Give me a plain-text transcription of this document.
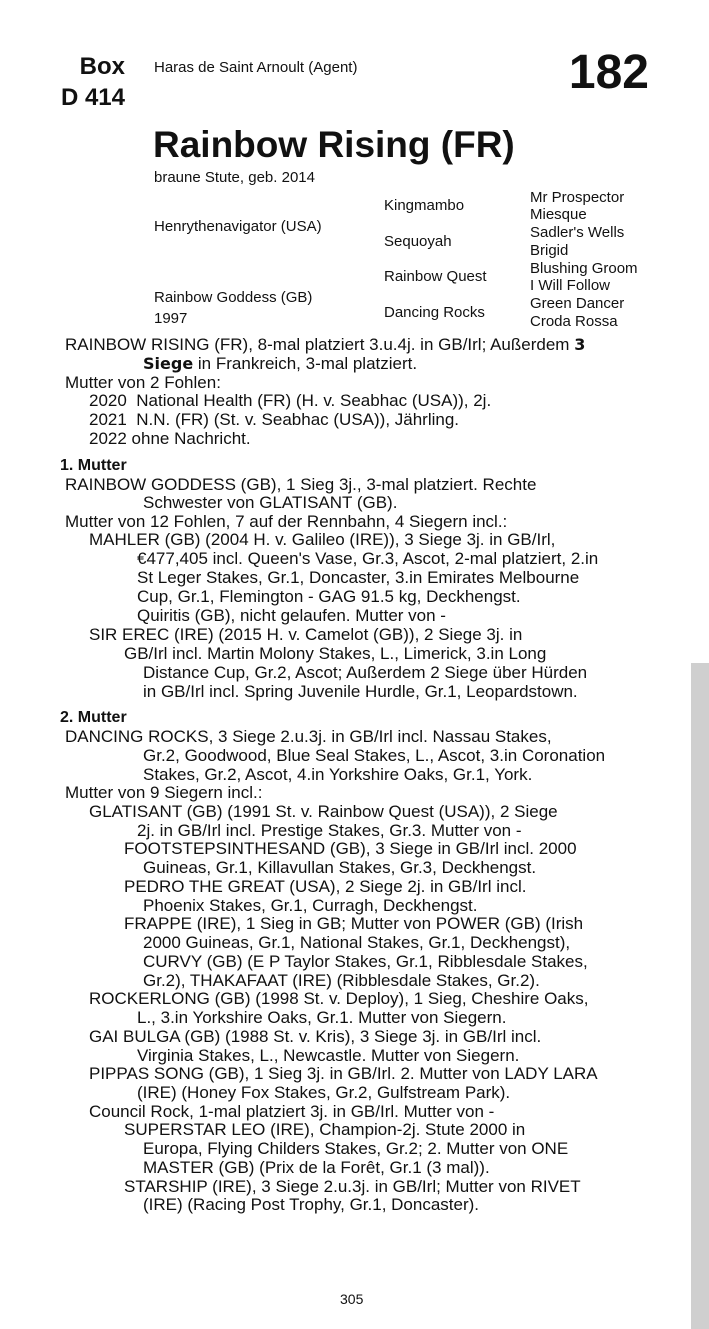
Box
D 414
Haras de Saint Arnoult (Agent)	182
Rainbow Rising (FR)
braune Stute, geb. 2014
Henrythenavigator (USA)
Rainbow Goddess (GB)
1997
Kingmambo
Sequoyah
Rainbow Quest
Dancing Rocks
Mr Prospector
Miesque
Sadler's Wells
Brigid
Blushing Groom
I Will Follow
Green Dancer
Croda Rossa
RAINBOW RISING (FR), 8-mal platziert 3.u.4j. in GB/Irl; Außerdem 3
Siege in Frankreich, 3-mal platziert.
Mutter von 2 Fohlen:
2020  National Health (FR) (H. v. Seabhac (USA)), 2j.
2021  N.N. (FR) (St. v. Seabhac (USA)), Jährling.
2022 ohne Nachricht.
1. Mutter
RAINBOW GODDESS (GB), 1 Sieg 3j., 3-mal platziert. Rechte
Schwester von GLATISANT (GB).
Mutter von 12 Fohlen, 7 auf der Rennbahn, 4 Siegern incl.:
MAHLER (GB) (2004 H. v. Galileo (IRE)), 3 Siege 3j. in GB/Irl,
€477,405 incl. Queen's Vase, Gr.3, Ascot, 2-mal platziert, 2.in
St Leger Stakes, Gr.1, Doncaster, 3.in Emirates Melbourne
Cup, Gr.1, Flemington - GAG 91.5 kg, Deckhengst.
Quiritis (GB), nicht gelaufen. Mutter von -
SIR EREC (IRE) (2015 H. v. Camelot (GB)), 2 Siege 3j. in
GB/Irl incl. Martin Molony Stakes, L., Limerick, 3.in Long
Distance Cup, Gr.2, Ascot; Außerdem 2 Siege über Hürden
in GB/Irl incl. Spring Juvenile Hurdle, Gr.1, Leopardstown.
2. Mutter
DANCING ROCKS, 3 Siege 2.u.3j. in GB/Irl incl. Nassau Stakes,
Gr.2, Goodwood, Blue Seal Stakes, L., Ascot, 3.in Coronation
Stakes, Gr.2, Ascot, 4.in Yorkshire Oaks, Gr.1, York.
Mutter von 9 Siegern incl.:
GLATISANT (GB) (1991 St. v. Rainbow Quest (USA)), 2 Siege
2j. in GB/Irl incl. Prestige Stakes, Gr.3. Mutter von -
FOOTSTEPSINTHESAND (GB), 3 Siege in GB/Irl incl. 2000
Guineas, Gr.1, Killavullan Stakes, Gr.3, Deckhengst.
PEDRO THE GREAT (USA), 2 Siege 2j. in GB/Irl incl.
Phoenix Stakes, Gr.1, Curragh, Deckhengst.
FRAPPE (IRE), 1 Sieg in GB; Mutter von POWER (GB) (Irish
2000 Guineas, Gr.1, National Stakes, Gr.1, Deckhengst),
CURVY (GB) (E P Taylor Stakes, Gr.1, Ribblesdale Stakes,
Gr.2), THAKAFAAT (IRE) (Ribblesdale Stakes, Gr.2).
ROCKERLONG (GB) (1998 St. v. Deploy), 1 Sieg, Cheshire Oaks,
L., 3.in Yorkshire Oaks, Gr.1. Mutter von Siegern.
GAI BULGA (GB) (1988 St. v. Kris), 3 Siege 3j. in GB/Irl incl.
Virginia Stakes, L., Newcastle. Mutter von Siegern.
PIPPAS SONG (GB), 1 Sieg 3j. in GB/Irl. 2. Mutter von LADY LARA
(IRE) (Honey Fox Stakes, Gr.2, Gulfstream Park).
Council Rock, 1-mal platziert 3j. in GB/Irl. Mutter von -
SUPERSTAR LEO (IRE), Champion-2j. Stute 2000 in
Europa, Flying Childers Stakes, Gr.2; 2. Mutter von ONE
MASTER (GB) (Prix de la Forêt, Gr.1 (3 mal)).
STARSHIP (IRE), 3 Siege 2.u.3j. in GB/Irl; Mutter von RIVET
(IRE) (Racing Post Trophy, Gr.1, Doncaster).
305
